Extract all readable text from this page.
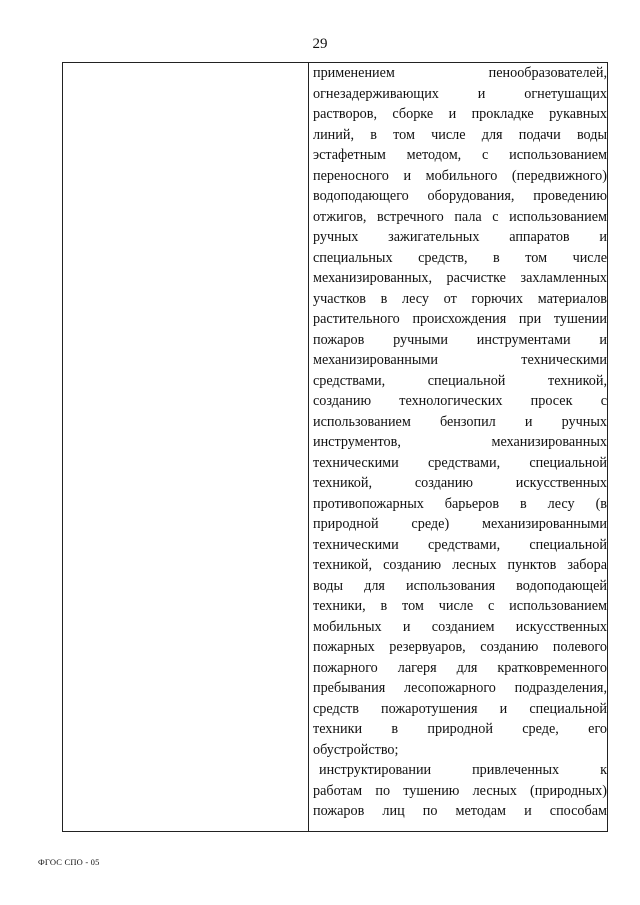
29
применением пенообразователей,
огнезадерживающих и огнетушащих
растворов, сборке и прокладке рукавных
линий, в том числе для подачи воды
эстафетным методом, с использованием
переносного и мобильного (передвижного)
водоподающего оборудования, проведению
отжигов, встречного пала с использованием
ручных зажигательных аппаратов и
специальных средств, в том числе
механизированных, расчистке захламленных
участков в лесу от горючих материалов
растительного происхождения при тушении
пожаров ручными инструментами и
механизированными техническими
средствами, специальной техникой,
созданию технологических просек с
использованием бензопил и ручных
инструментов, механизированных
техническими средствами, специальной
техникой, созданию искусственных
противопожарных барьеров в лесу (в
природной среде) механизированными
техническими средствами, специальной
техникой, созданию лесных пунктов забора
воды для использования водоподающей
техники, в том числе с использованием
мобильных и созданием искусственных
пожарных резервуаров, созданию полевого
пожарного лагеря для кратковременного
пребывания лесопожарного подразделения,
средств пожаротушения и специальной
техники в природной среде, его
обустройство;
инструктировании привлеченных к
работам по тушению лесных (природных)
пожаров лиц по методам и способам
ФГОС СПО - 05
